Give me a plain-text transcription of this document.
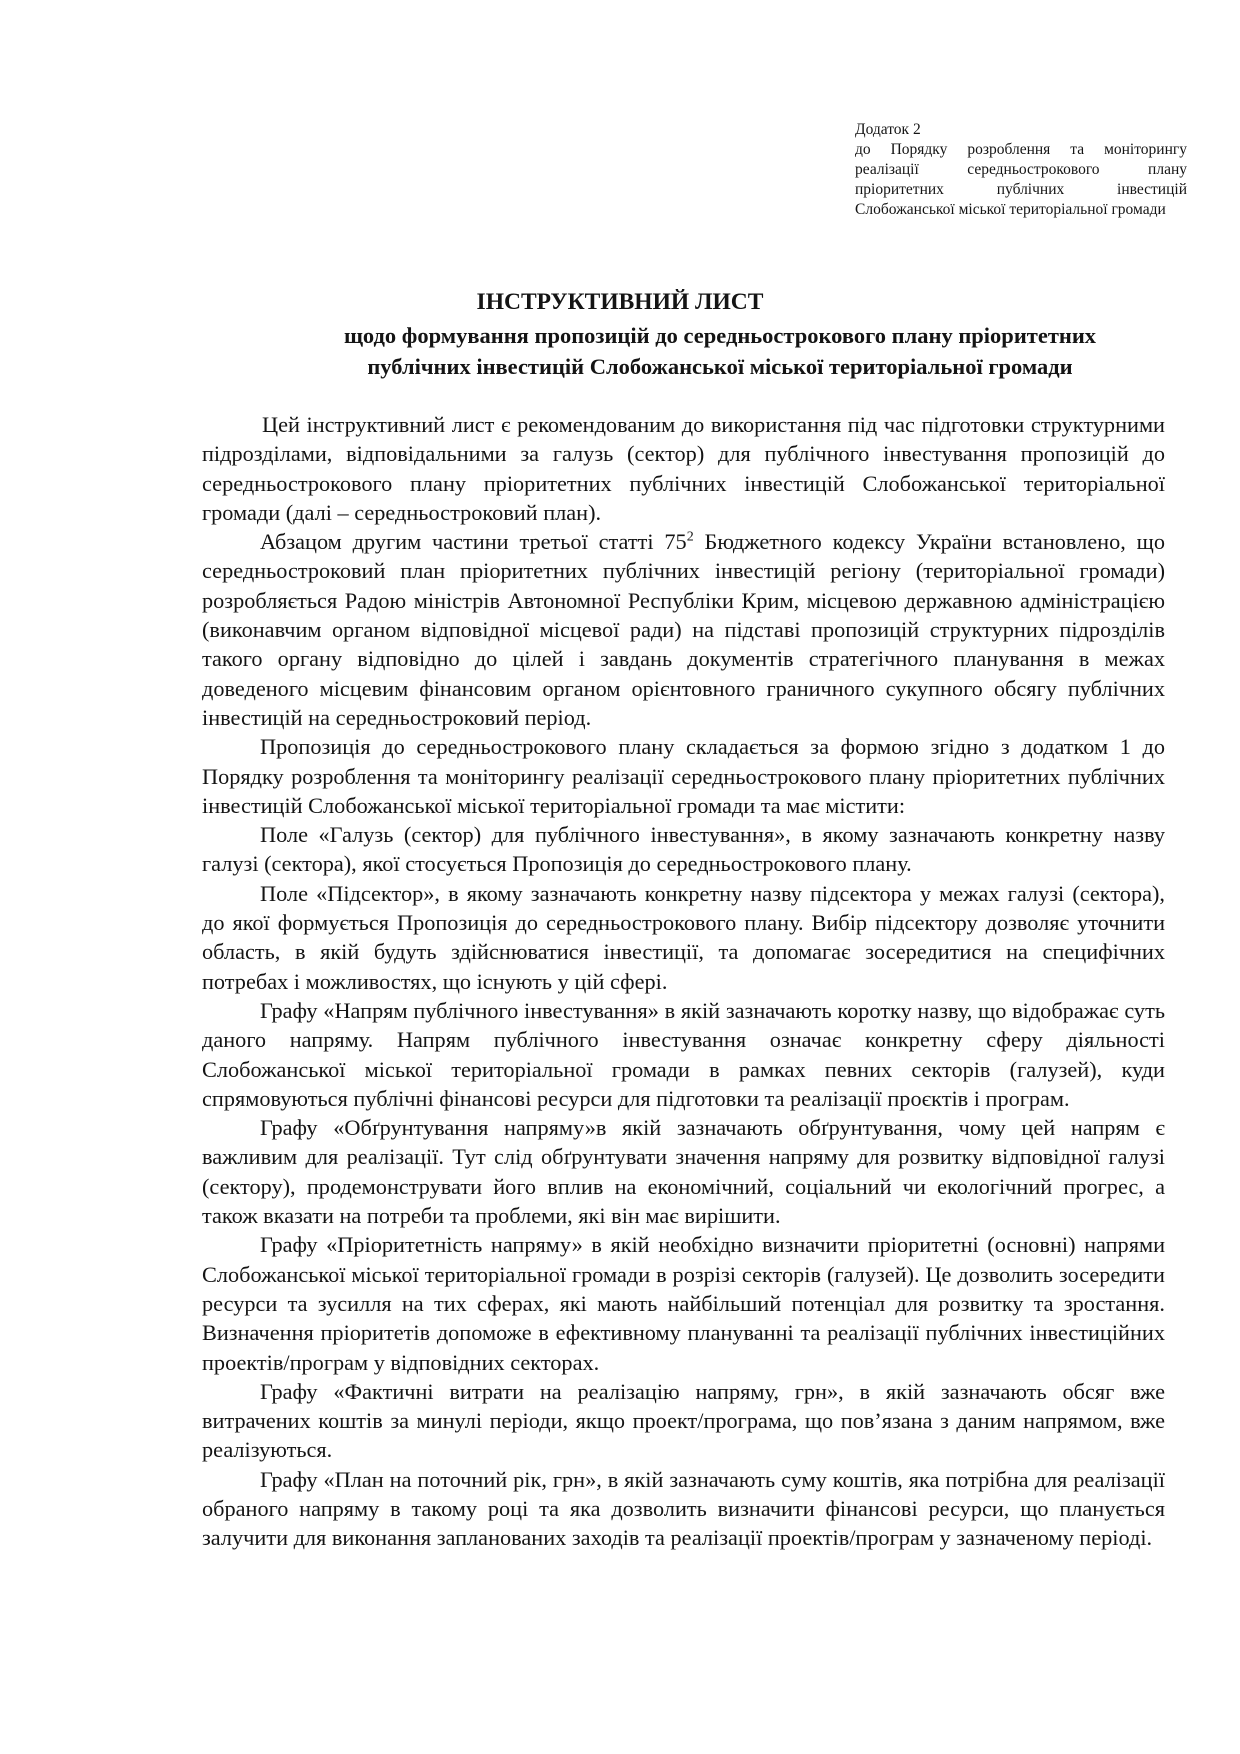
Додаток 2
до Порядку розроблення та моніторингу реалізації середньострокового плану пріоритетних публічних інвестицій Слобожанської міської територіальної громади
ІНСТРУКТИВНИЙ ЛИСТ
щодо формування пропозицій до середньострокового плану пріоритетних
публічних інвестицій Слобожанської міської територіальної громади

Цей інструктивний лист є рекомендованим до використання під час підготовки структурними підрозділами, відповідальними за галузь (сектор) для публічного інвестування пропозицій до середньострокового плану пріоритетних публічних інвестицій Слобожанської територіальної громади (далі – середньостроковий план).

Абзацом другим частини третьої статті $75^2$ Бюджетного кодексу України встановлено, що середньостроковий план пріоритетних публічних інвестицій регіону (територіальної громади) розробляється Радою міністрів Автономної Республіки Крим, місцевою державною адміністрацією (виконавчим органом відповідної місцевої ради) на підставі пропозицій структурних підрозділів такого органу відповідно до цілей і завдань документів стратегічного планування в межах доведеного місцевим фінансовим органом орієнтовного граничного сукупного обсягу публічних інвестицій на середньостроковий період.

Пропозиція до середньострокового плану складається за формою згідно з додатком 1 до Порядку розроблення та моніторингу реалізації середньострокового плану пріоритетних публічних інвестицій Слобожанської міської територіальної громади та має містити:

Поле «Галузь (сектор) для публічного інвестування», в якому зазначають конкретну назву галузі (сектора), якої стосується Пропозиція до середньострокового плану.

Поле «Підсектор», в якому зазначають конкретну назву підсектора у межах галузі (сектора), до якої формується Пропозиція до середньострокового плану. Вибір підсектору дозволяє уточнити область, в якій будуть здійснюватися інвестиції, та допомагає зосередитися на специфічних потребах і можливостях, що існують у цій сфері.

Графу «Напрям публічного інвестування» в якій зазначають коротку назву, що відображає суть даного напряму. Напрям публічного інвестування означає конкретну сферу діяльності Слобожанської міської територіальної громади в рамках певних секторів (галузей), куди спрямовуються публічні фінансові ресурси для підготовки та реалізації проєктів і програм.

Графу «Обґрунтування напряму»в якій зазначають обґрунтування, чому цей напрям є важливим для реалізації. Тут слід обґрунтувати значення напряму для розвитку відповідної галузі (сектору), продемонструвати його вплив на економічний, соціальний чи екологічний прогрес, а також вказати на потреби та проблеми, які він має вирішити.

Графу «Пріоритетність напряму» в якій необхідно визначити пріоритетні (основні) напрями Слобожанської міської територіальної громади в розрізі секторів (галузей). Це дозволить зосередити ресурси та зусилля на тих сферах, які мають найбільший потенціал для розвитку та зростання. Визначення пріоритетів допоможе в ефективному плануванні та реалізації публічних інвестиційних проектів/програм у відповідних секторах.

Графу «Фактичні витрати на реалізацію напряму, грн», в якій зазначають обсяг вже витрачених коштів за минулі періоди, якщо проект/програма, що пов’язана з даним напрямом, вже реалізуються.

Графу «План на поточний рік, грн», в якій зазначають суму коштів, яка потрібна для реалізації обраного напряму в такому році та яка дозволить визначити фінансові ресурси, що планується залучити для виконання запланованих заходів та реалізації проектів/програм у зазначеному періоді.
